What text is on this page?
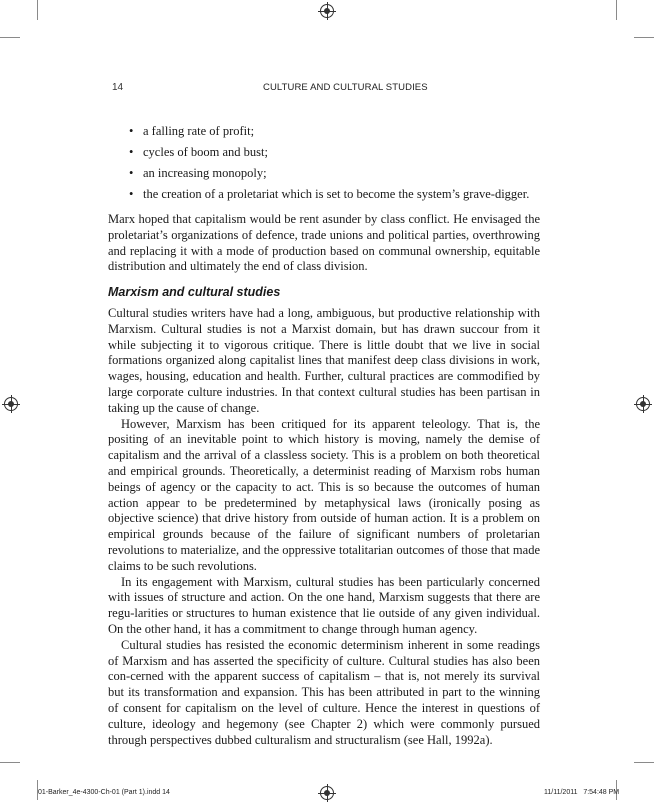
14	CULTURE AND CULTURAL STUDIES
• a falling rate of profit;
• cycles of boom and bust;
• an increasing monopoly;
• the creation of a proletariat which is set to become the system’s grave-digger.

Marx hoped that capitalism would be rent asunder by class conflict. He envisaged the proletariat’s organizations of defence, trade unions and political parties, overthrowing and replacing it with a mode of production based on communal ownership, equitable distribution and ultimately the end of class division.

Marxism and cultural studies

Cultural studies writers have had a long, ambiguous, but productive relationship with Marxism. Cultural studies is not a Marxist domain, but has drawn succour from it while subjecting it to vigorous critique. There is little doubt that we live in social formations organized along capitalist lines that manifest deep class divisions in work, wages, housing, education and health. Further, cultural practices are commodified by large corporate culture industries. In that context cultural studies has been partisan in taking up the cause of change.

However, Marxism has been critiqued for its apparent teleology. That is, the positing of an inevitable point to which history is moving, namely the demise of capitalism and the arrival of a classless society. This is a problem on both theoretical and empirical grounds. Theoretically, a determinist reading of Marxism robs human beings of agency or the capacity to act. This is so because the outcomes of human action appear to be predetermined by metaphysical laws (ironically posing as objective science) that drive history from outside of human action. It is a problem on empirical grounds because of the failure of significant numbers of proletarian revolutions to materialize, and the oppressive totalitarian outcomes of those that made claims to be such revolutions.

In its engagement with Marxism, cultural studies has been particularly concerned with issues of structure and action. On the one hand, Marxism suggests that there are regu-larities or structures to human existence that lie outside of any given individual. On the other hand, it has a commitment to change through human agency.

Cultural studies has resisted the economic determinism inherent in some readings of Marxism and has asserted the specificity of culture. Cultural studies has also been con-cerned with the apparent success of capitalism – that is, not merely its survival but its transformation and expansion. This has been attributed in part to the winning of consent for capitalism on the level of culture. Hence the interest in questions of culture, ideology and hegemony (see Chapter 2) which were commonly pursued through perspectives dubbed culturalism and structuralism (see Hall, 1992a).

01-Barker_4e-4300-Ch-01 (Part 1).indd 14	11/11/2011 7:54:48 PM
